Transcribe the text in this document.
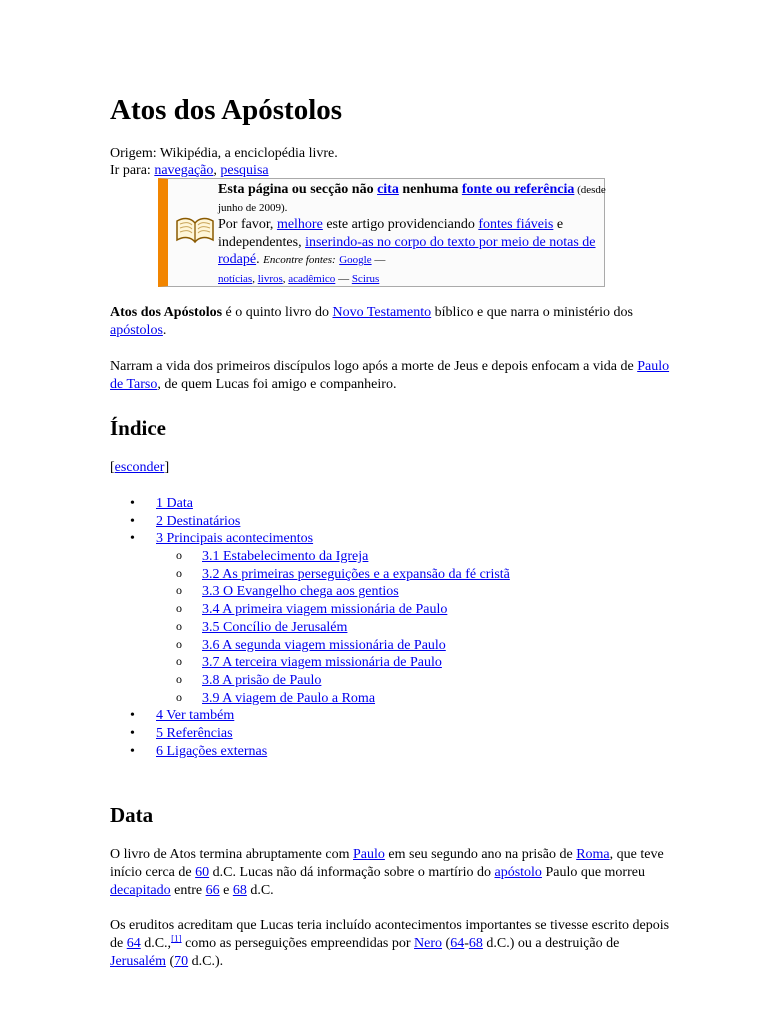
Atos dos Apóstolos
Origem: Wikipédia, a enciclopédia livre.
Ir para: navegação, pesquisa
Esta página ou secção não cita nenhuma fonte ou referência (desde junho de 2009).
Por favor, melhore este artigo providenciando fontes fiáveis e independentes, inserindo-as no corpo do texto por meio de notas de rodapé. Encontre fontes: Google —
notícias, livros, acadêmico — Scirus
Atos dos Apóstolos é o quinto livro do Novo Testamento bíblico e que narra o ministério dos apóstolos.
Narram a vida dos primeiros discípulos logo após a morte de Jeus e depois enfocam a vida de Paulo de Tarso, de quem Lucas foi amigo e companheiro.
Índice
[esconder]
• 1 Data
• 2 Destinatários
• 3 Principais acontecimentos
o 3.1 Estabelecimento da Igreja
o 3.2 As primeiras perseguições e a expansão da fé cristã
o 3.3 O Evangelho chega aos gentios
o 3.4 A primeira viagem missionária de Paulo
o 3.5 Concílio de Jerusalém
o 3.6 A segunda viagem missionária de Paulo
o 3.7 A terceira viagem missionária de Paulo
o 3.8 A prisão de Paulo
o 3.9 A viagem de Paulo a Roma
• 4 Ver também
• 5 Referências
• 6 Ligações externas
Data
O livro de Atos termina abruptamente com Paulo em seu segundo ano na prisão de Roma, que teve início cerca de 60 d.C. Lucas não dá informação sobre o martírio do apóstolo Paulo que morreu decapitado entre 66 e 68 d.C.
Os eruditos acreditam que Lucas teria incluído acontecimentos importantes se tivesse escrito depois de 64 d.C.,[1] como as perseguições empreendidas por Nero (64-68 d.C.) ou a destruição de Jerusalém (70 d.C.).
